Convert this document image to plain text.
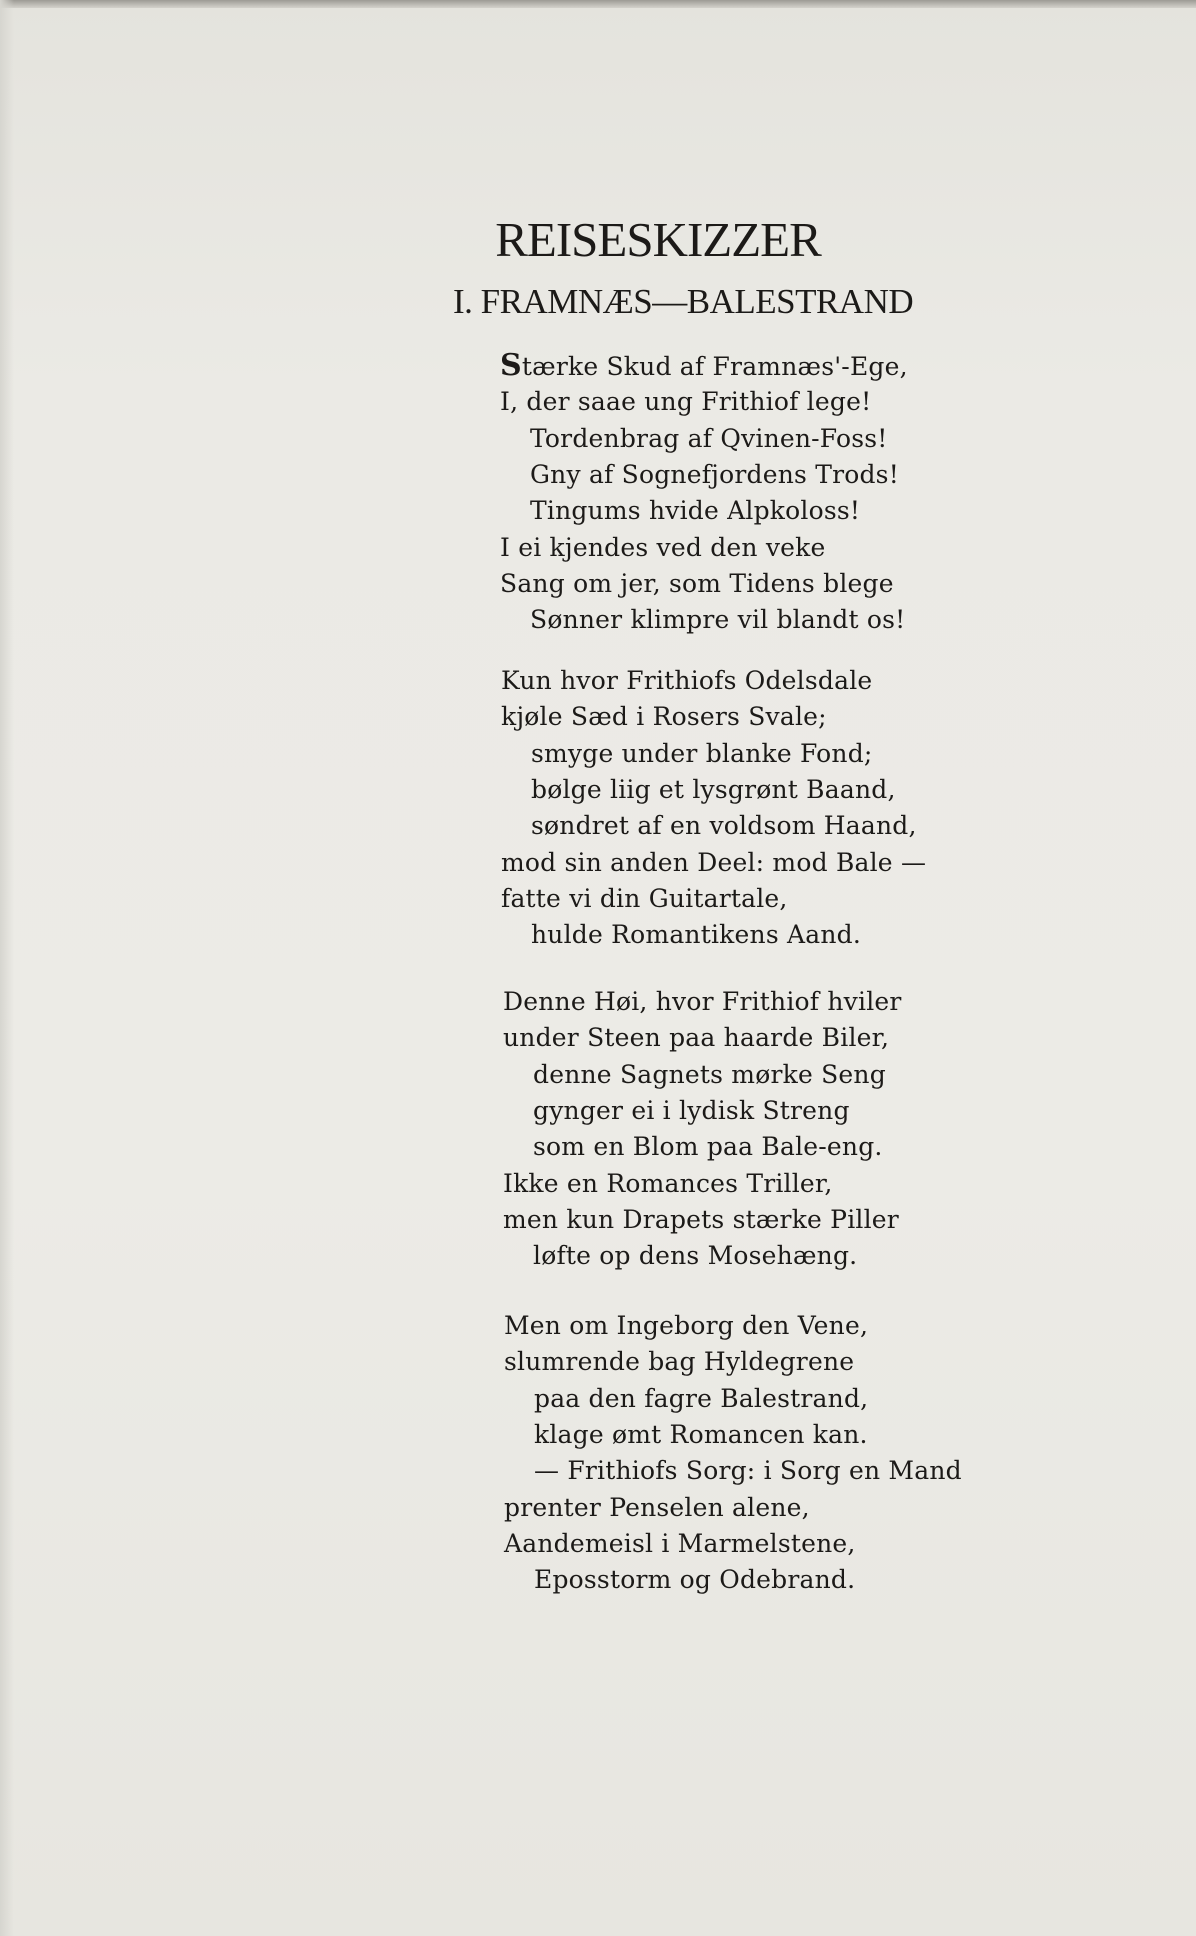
REISESKIZZER
I. FRAMNÆS—BALESTRAND
Stærke Skud af Framnæs'-Ege,
I, der saae ung Frithiof lege!
Tordenbrag af Qvinen-Foss!
Gny af Sognefjordens Trods!
Tingums hvide Alpkoloss!
I ei kjendes ved den veke
Sang om jer, som Tidens blege
Sønner klimpre vil blandt os!
Kun hvor Frithiofs Odelsdale
kjøle Sæd i Rosers Svale;
smyge under blanke Fond;
bølge liig et lysgrønt Baand,
søndret af en voldsom Haand,
mod sin anden Deel: mod Bale —
fatte vi din Guitartale,
hulde Romantikens Aand.
Denne Høi, hvor Frithiof hviler
under Steen paa haarde Biler,
denne Sagnets mørke Seng
gynger ei i lydisk Streng
som en Blom paa Bale-eng.
Ikke en Romances Triller,
men kun Drapets stærke Piller
løfte op dens Mosehæng.
Men om Ingeborg den Vene,
slumrende bag Hyldegrene
paa den fagre Balestrand,
klage ømt Romancen kan.
— Frithiofs Sorg: i Sorg en Mand
prenter Penselen alene,
Aandemeisl i Marmelstene,
Eposstorm og Odebrand.
